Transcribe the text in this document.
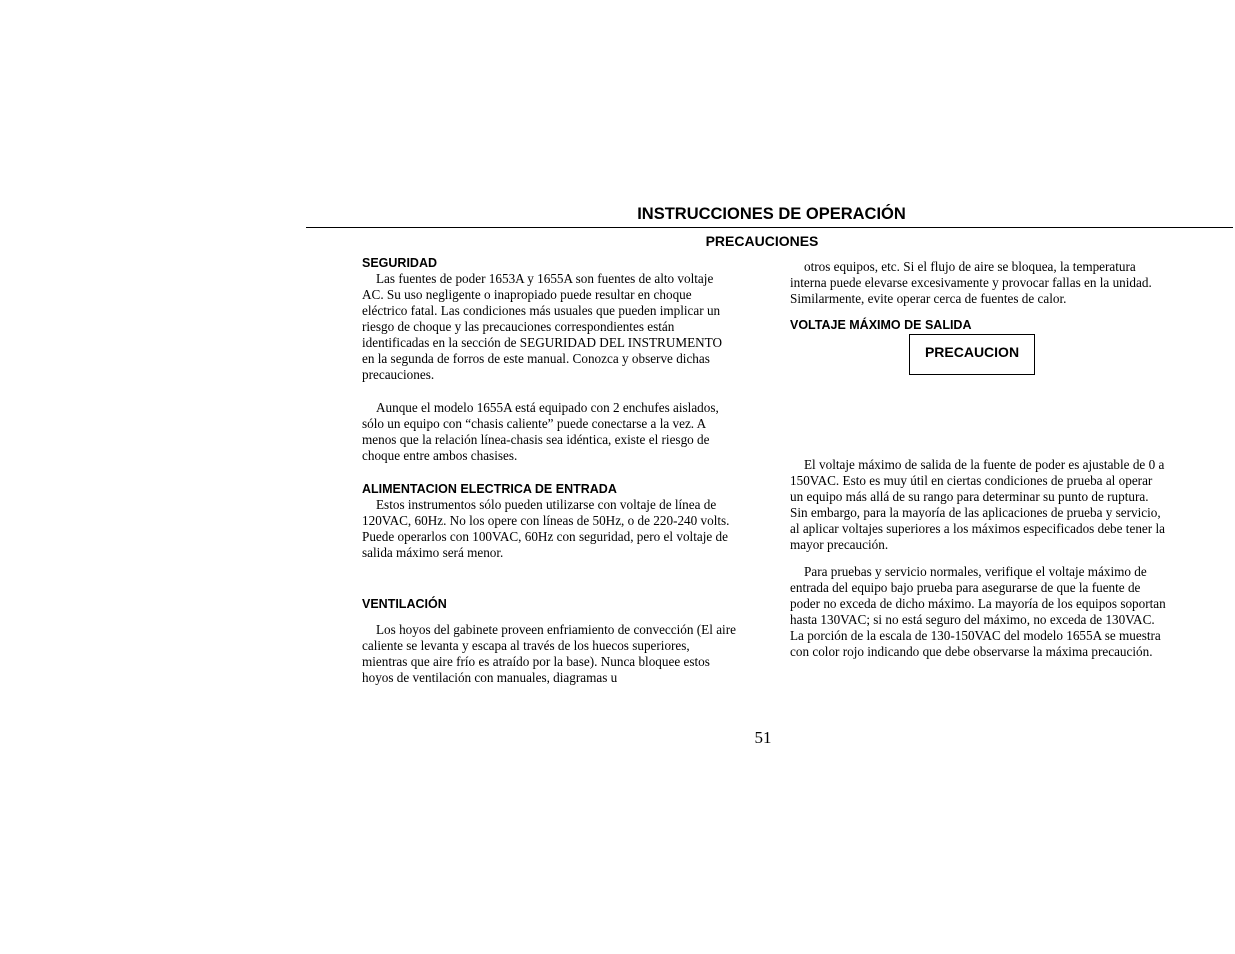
INSTRUCCIONES DE OPERACIÓN
PRECAUCIONES

SEGURIDAD

Las fuentes de poder 1653A y 1655A son fuentes de alto voltaje AC. Su uso negligente o inapropiado puede resultar en choque eléctrico fatal. Las condiciones más usuales que pueden implicar un riesgo de choque y las precauciones correspondientes están identificadas en la sección de SEGURIDAD DEL INSTRUMENTO en la segunda de forros de este manual. Conozca y observe dichas precauciones.

Aunque el modelo 1655A está equipado con 2 enchufes aislados, sólo un equipo con “chasis caliente” puede conectarse a la vez. A menos que la relación línea-chasis sea idéntica, existe el riesgo de choque entre ambos chasises.

ALIMENTACION ELECTRICA DE ENTRADA

Estos instrumentos sólo pueden utilizarse con voltaje de línea de 120VAC, 60Hz. No los opere con líneas de 50Hz, o de 220-240 volts. Puede operarlos con 100VAC, 60Hz con seguridad, pero el voltaje de salida máximo será menor.

VENTILACIÓN

Los hoyos del gabinete proveen enfriamiento de convección (El aire caliente se levanta y escapa al través de los huecos superiores, mientras que aire frío es atraído por la base). Nunca bloquee estos hoyos de ventilación con manuales, diagramas u

otros equipos, etc. Si el flujo de aire se bloquea, la temperatura interna puede elevarse excesivamente y provocar fallas en la unidad. Similarmente, evite operar cerca de fuentes de calor.

VOLTAJE MÁXIMO DE SALIDA

PRECAUCION

El voltaje máximo de salida de la fuente de poder es ajustable de 0 a 150VAC. Esto es muy útil en ciertas condiciones de prueba al operar un equipo más allá de su rango para determinar su punto de ruptura. Sin embargo, para la mayoría de las aplicaciones de prueba y servicio, al aplicar voltajes superiores a los máximos especificados debe tener la mayor precaución.

Para pruebas y servicio normales, verifique el voltaje máximo de entrada del equipo bajo prueba para asegurarse de que la fuente de poder no exceda de dicho máximo. La mayoría de los equipos soportan hasta 130VAC; si no está seguro del máximo, no exceda de 130VAC. La porción de la escala de 130-150VAC del modelo 1655A se muestra con color rojo indicando que debe observarse la máxima precaución.

51
